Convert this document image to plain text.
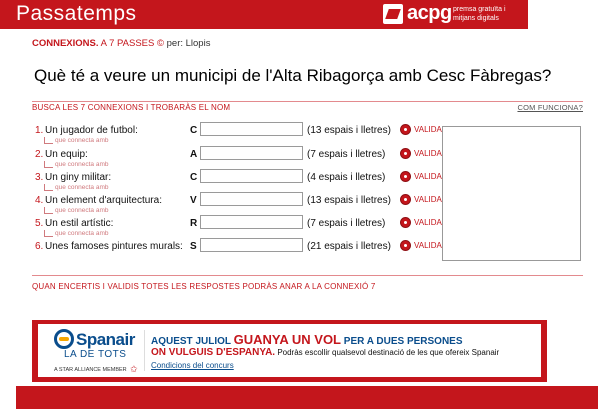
Passatemps	acpg premsa gratuïta i mitjans digitals
CONNEXIONS. A 7 PASSES © per: Llopis
Què té a veure un municipi de l'Alta Ribagorça amb Cesc Fàbregas?
BUSCA LES 7 CONNEXIONS I TROBARÀS EL NOM	COM FUNCIONA?
1. Un jugador de futbol:
que connecta amb
C	(13 espais i lletres)	VALIDA
2. Un equip:
que connecta amb
A	(7 espais i lletres)	VALIDA
3. Un giny militar:
que connecta amb
C	(4 espais i lletres)	VALIDA
4. Un element d'arquitectura:
que connecta amb
V	(13 espais i lletres)	VALIDA
5. Un estil artístic:
que connecta amb
R	(7 espais i lletres)	VALIDA
6. Unes famoses pintures murals: S	(21 espais i lletres)	VALIDA
QUAN ENCERTIS I VALIDIS TOTES LES RESPOSTES PODRÀS ANAR A LA CONNEXIÓ 7
Spanair
LA DE TOTS
A STAR ALLIANCE MEMBER ✩
AQUEST JULIOL GUANYA UN VOL PER A DUES PERSONES
ON VULGUIS D'ESPANYA. Podràs escollir qualsevol destinació de les que ofereix Spanair
Condicions del concurs
